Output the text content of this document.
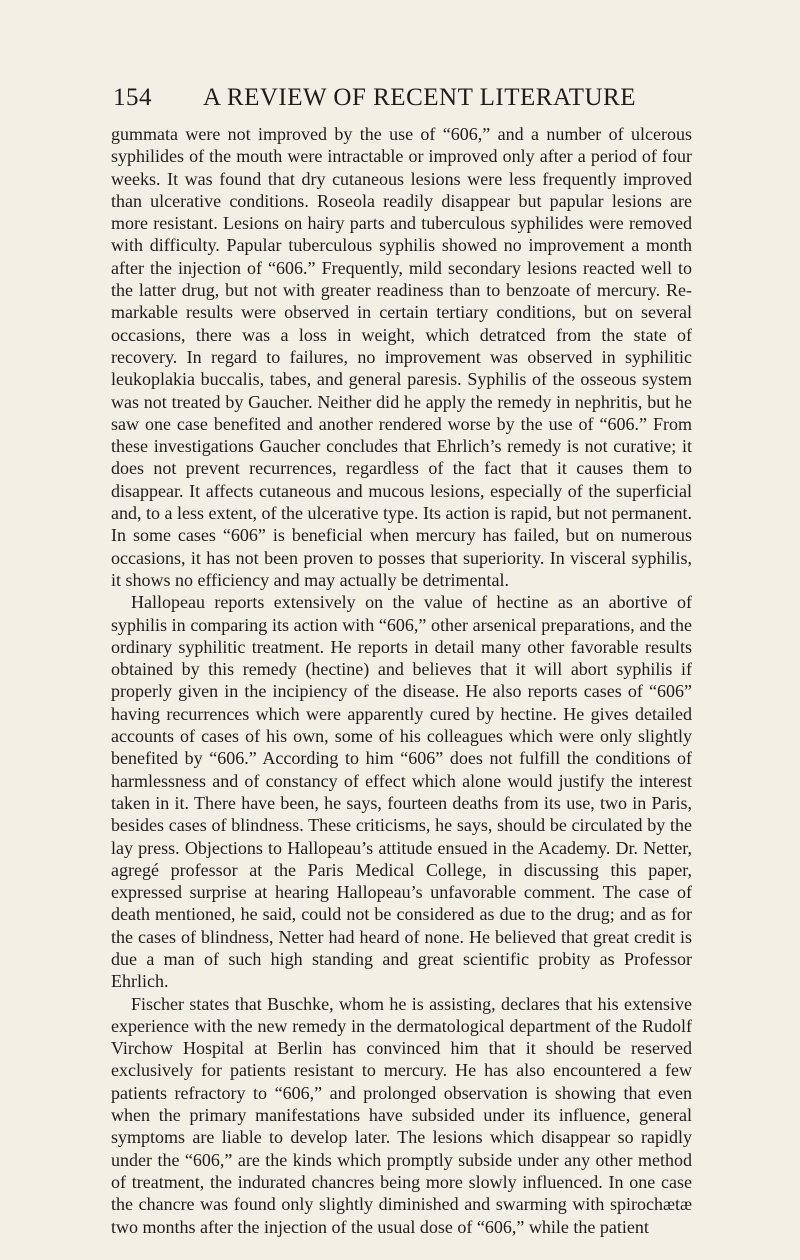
154 A REVIEW OF RECENT LITERATURE

gummata were not improved by the use of “606,” and a number of ulcerous syphilides of the mouth were intractable or improved only after a period of four weeks. It was found that dry cutaneous lesions were less frequently improved than ulcerative conditions. Roseola readily disappear but papular lesions are more resistant. Lesions on hairy parts and tuberculous syphilides were removed with difficulty. Papular tuberculous syphilis showed no improvement a month after the injection of “606.” Frequently, mild secondary lesions reacted well to the latter drug, but not with greater readiness than to benzoate of mercury. Remarkable results were observed in certain tertiary conditions, but on several occasions, there was a loss in weight, which detratced from the state of recovery. In regard to failures, no improvement was observed in syphilitic leukoplakia buccalis, tabes, and general paresis. Syphilis of the osseous system was not treated by Gaucher. Neither did he apply the remedy in nephritis, but he saw one case benefited and another rendered worse by the use of “606.” From these investigations Gaucher concludes that Ehrlich’s remedy is not curative; it does not prevent recurrences, regardless of the fact that it causes them to disappear. It affects cutaneous and mucous lesions, especially of the superficial and, to a less extent, of the ulcerative type. Its action is rapid, but not permanent. In some cases “606” is beneficial when mercury has failed, but on numerous occasions, it has not been proven to posses that superiority. In visceral syphilis, it shows no efficiency and may actually be detrimental.

Hallopeau reports extensively on the value of hectine as an abortive of syphilis in comparing its action with “606,” other arsenical preparations, and the ordinary syphilitic treatment. He reports in detail many other favorable results obtained by this remedy (hectine) and believes that it will abort syphilis if properly given in the incipiency of the disease. He also reports cases of “606” having recurrences which were apparently cured by hectine. He gives detailed accounts of cases of his own, some of his colleagues which were only slightly benefited by “606.” According to him “606” does not fulfill the conditions of harmlessness and of constancy of effect which alone would justify the interest taken in it. There have been, he says, fourteen deaths from its use, two in Paris, besides cases of blindness. These criticisms, he says, should be circulated by the lay press. Objections to Hallopeau’s attitude ensued in the Academy. Dr. Netter, agregé professor at the Paris Medical College, in discussing this paper, expressed surprise at hearing Hallopeau’s unfavorable comment. The case of death mentioned, he said, could not be considered as due to the drug; and as for the cases of blindness, Netter had heard of none. He believed that great credit is due a man of such high standing and great scientific probity as Professor Ehrlich.

Fischer states that Buschke, whom he is assisting, declares that his extensive experience with the new remedy in the dermatological department of the Rudolf Virchow Hospital at Berlin has convinced him that it should be reserved exclusively for patients resistant to mercury. He has also encountered a few patients refractory to “606,” and prolonged observation is showing that even when the primary manifestations have subsided under its influence, general symptoms are liable to develop later. The lesions which disappear so rapidly under the “606,” are the kinds which promptly subside under any other method of treatment, the indurated chancres being more slowly influenced. In one case the chancre was found only slightly diminished and swarming with spirochætæ two months after the injection of the usual dose of “606,” while the patient
